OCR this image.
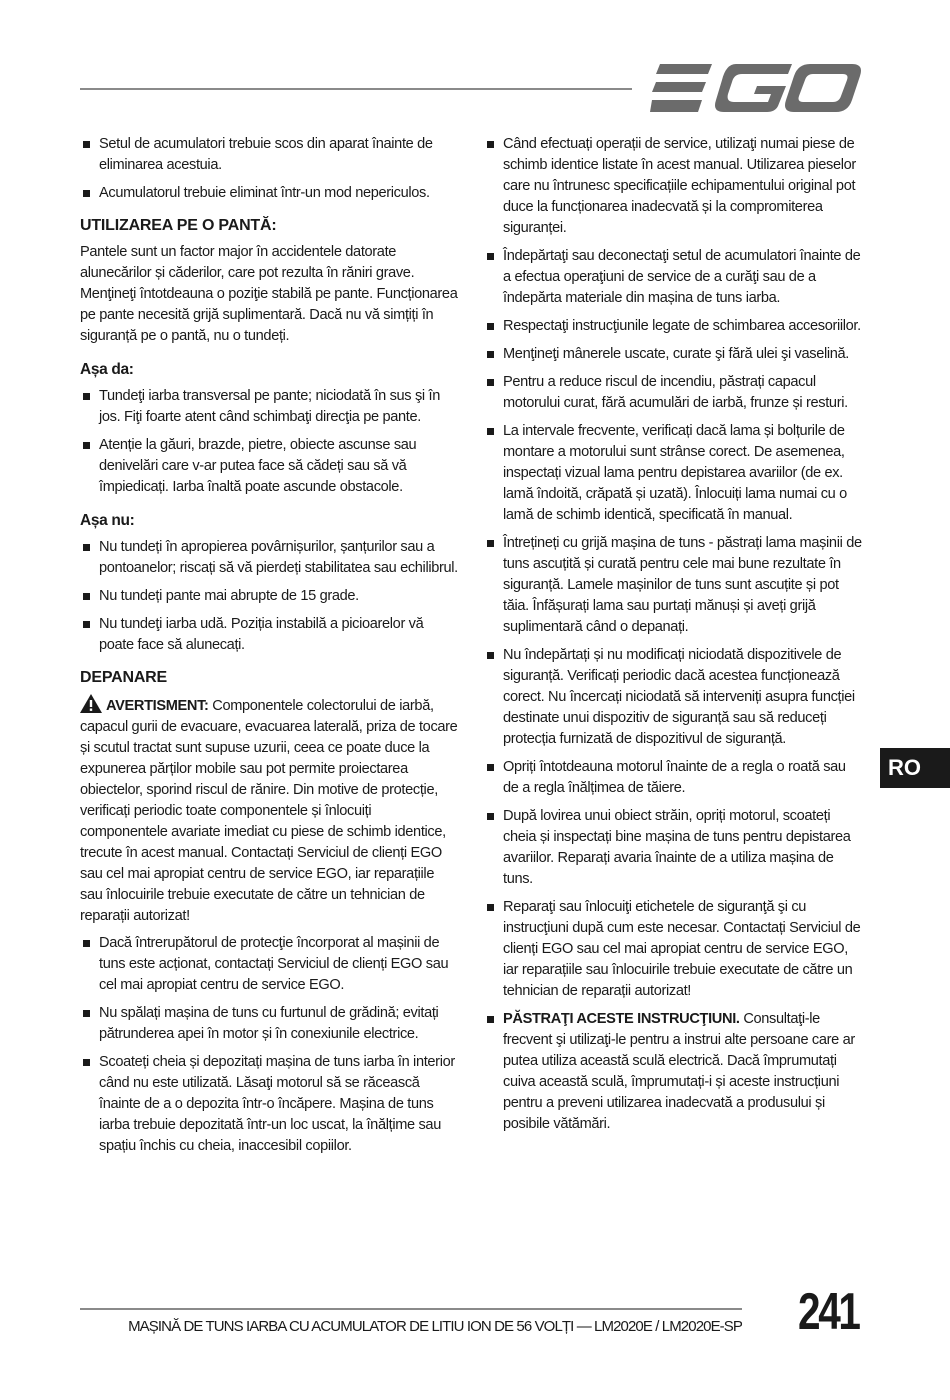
Setul de acumulatori trebuie scos din aparat înainte de eliminarea acestuia.
Acumulatorul trebuie eliminat într-un mod nepericulos.
UTILIZAREA PE O PANTĂ:
Pantele sunt un factor major în accidentele datorate alunecărilor și căderilor, care pot rezulta în răniri grave. Menţineţi întotdeauna o poziţie stabilă pe pante. Funcționarea pe pante necesită grijă suplimentară. Dacă nu vă simțiți în siguranță pe o pantă, nu o tundeți.
Așa da:
Tundeţi iarba transversal pe pante; niciodată în sus şi în jos. Fiţi foarte atent când schimbaţi direcţia pe pante.
Atenție la găuri, brazde, pietre, obiecte ascunse sau denivelări care v-ar putea face să cădeți sau să vă împiedicați. Iarba înaltă poate ascunde obstacole.
Așa nu:
Nu tundeți în apropierea povârnișurilor, șanțurilor sau a pontoanelor; riscați să vă pierdeți stabilitatea sau echilibrul.
Nu tundeți pante mai abrupte de 15 grade.
Nu tundeţi iarba udă. Poziția instabilă a picioarelor vă poate face să alunecați.
DEPANARE
AVERTISMENT: Componentele colectorului de iarbă, capacul gurii de evacuare, evacuarea laterală, priza de tocare și scutul tractat sunt supuse uzurii, ceea ce poate duce la expunerea părților mobile sau pot permite proiectarea obiectelor, sporind riscul de rănire. Din motive de protecție, verificați periodic toate componentele și înlocuiți componentele avariate imediat cu piese de schimb identice, trecute în acest manual. Contactați Serviciul de clienți EGO sau cel mai apropiat centru de service EGO, iar reparațiile sau înlocuirile trebuie executate de către un tehnician de reparații autorizat!
Dacă întrerupătorul de protecţie încorporat al mașinii de tuns este acționat, contactați Serviciul de clienți EGO sau cel mai apropiat centru de service EGO.
Nu spălați mașina de tuns cu furtunul de grădină; evitați pătrunderea apei în motor și în conexiunile electrice.
Scoateți cheia și depozitați mașina de tuns iarba în interior când nu este utilizată. Lăsaţi motorul să se răcească înainte de a o depozita într-o încăpere. Mașina de tuns iarba trebuie depozitată într-un loc uscat, la înălțime sau spațiu închis cu cheia, inaccesibil copiilor.
Când efectuați operații de service, utilizaţi numai piese de schimb identice listate în acest manual. Utilizarea pieselor care nu întrunesc specificațiile echipamentului original pot duce la funcționarea inadecvată și la compromiterea siguranței.
Îndepărtaţi sau deconectaţi setul de acumulatori înainte de a efectua operaţiuni de service de a curăţi sau de a îndepărta materiale din mașina de tuns iarba.
Respectaţi instrucţiunile legate de schimbarea accesoriilor.
Menţineţi mânerele uscate, curate şi fără ulei şi vaselină.
Pentru a reduce riscul de incendiu, păstrați capacul motorului curat, fără acumulări de iarbă, frunze și resturi.
La intervale frecvente, verificați dacă lama și bolțurile de montare a motorului sunt strânse corect. De asemenea, inspectați vizual lama pentru depistarea avariilor (de ex. lamă îndoită, crăpată și uzată). Înlocuiți lama numai cu o lamă de schimb identică, specificată în manual.
Întrețineți cu grijă mașina de tuns - păstrați lama mașinii de tuns ascuțită și curată pentru cele mai bune rezultate în siguranță. Lamele mașinilor de tuns sunt ascuțite și pot tăia. Înfășurați lama sau purtați mănuși și aveți grijă suplimentară când o depanați.
Nu îndepărtați și nu modificați niciodată dispozitivele de siguranță. Verificați periodic dacă acestea funcționează corect. Nu încercați niciodată să interveniți asupra funcției destinate unui dispozitiv de siguranță sau să reduceți protecția furnizată de dispozitivul de siguranță.
Opriți întotdeauna motorul înainte de a regla o roată sau de a regla înălțimea de tăiere.
După lovirea unui obiect străin, opriți motorul, scoateți cheia și inspectați bine mașina de tuns pentru depistarea avariilor. Reparați avaria înainte de a utiliza mașina de tuns.
Reparaţi sau înlocuiţi etichetele de siguranţă şi cu instrucţiuni după cum este necesar. Contactați Serviciul de clienți EGO sau cel mai apropiat centru de service EGO, iar reparațiile sau înlocuirile trebuie executate de către un tehnician de reparații autorizat!
PĂSTRAŢI ACESTE INSTRUCŢIUNI. Consultaţi-le frecvent şi utilizaţi-le pentru a instrui alte persoane care ar putea utiliza această sculă electrică. Dacă împrumutați cuiva această sculă, împrumutați-i și aceste instrucțiuni pentru a preveni utilizarea inadecvată a produsului și posibile vătămări.
RO
MAȘINĂ DE TUNS IARBA CU ACUMULATOR DE LITIU ION DE 56 VOLȚI — LM2020E / LM2020E-SP 241
